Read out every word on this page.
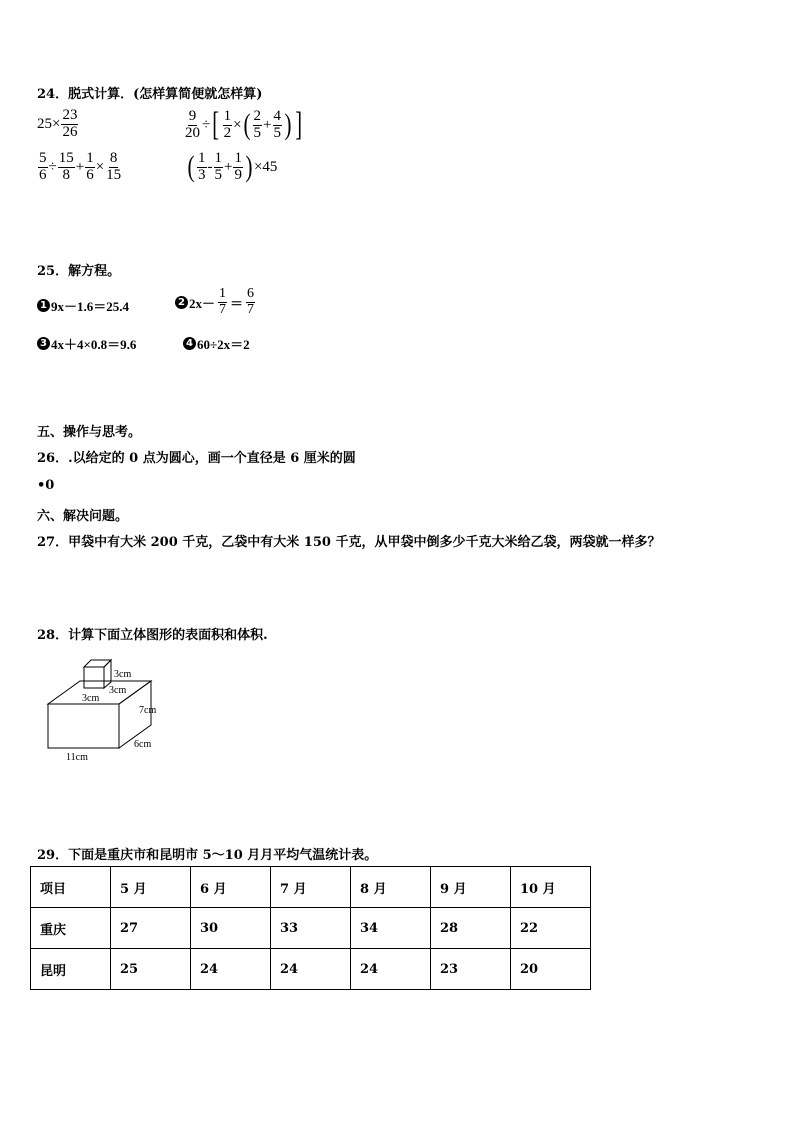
24．脱式计算．(怎样算简便就怎样算)
$25 \times \frac{23}{26}$	$\frac{9}{20}$ ÷ [ $\frac{1}{2}$ × ( $\frac{2}{5} + \frac{4}{5}$ ) ]
$\frac{5}{6} \div \frac{15}{8} + \frac{1}{6} \times \frac{8}{15}$ ( $\frac{1}{3} - \frac{1}{5} + \frac{1}{9}$ ) ×45
25．解方程。
1 9x－1.6＝25.4	2 $2x- \frac{1}{7} = \frac{6}{7}$
3 4x＋4×0.8＝9.6	4 60÷2x＝2
五、操作与思考。
26．.以给定的 0 点为圆心，画一个直径是 6 厘米的圆
•0
六、解决问题。
27．甲袋中有大米 200 千克，乙袋中有大米 150 千克，从甲袋中倒多少千克大米给乙袋，两袋就一样多？
28．计算下面立体图形的表面积和体积.
3cm
3cm
3cm
7cm
6cm
11cm
29．下面是重庆市和昆明市 5～10 月月平均气温统计表。
项目	5 月	6 月	7 月	8 月	9 月	10 月
重庆	27	30	33	34	28	22
昆明	25	24	24	24	23	20
